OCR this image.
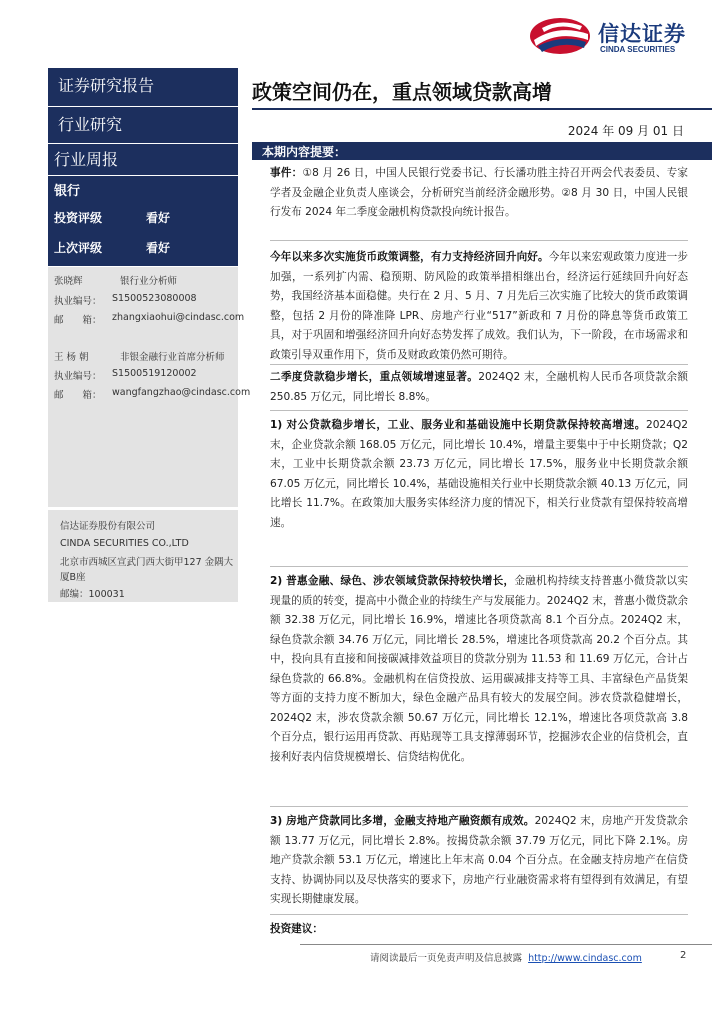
信达证券
CINDA SECURITIES
证券研究报告
行业研究
行业周报
银行
投资评级	看好
上次评级	看好
张晓辉	银行业分析师
执业编号： S1500523080008
邮　　箱： zhangxiaohui@cindasc.com
王 杨 朝	非银金融行业首席分析师
执业编号： S1500519120002
邮　　箱： wangfangzhao@cindasc.com
信达证券股份有限公司
CINDA SECURITIES CO.,LTD
北京市西城区宣武门西大街甲127 金隅大厦B座
邮编：100031
政策空间仍在，重点领域贷款高增
2024 年 09 月 01 日
本期内容提要：
事件：①8 月 26 日，中国人民银行党委书记、行长潘功胜主持召开两会代表委员、专家学者及金融企业负责人座谈会，分析研究当前经济金融形势。②8 月 30 日，中国人民银行发布 2024 年二季度金融机构贷款投向统计报告。
今年以来多次实施货币政策调整，有力支持经济回升向好。今年以来宏观政策力度进一步加强，一系列扩内需、稳预期、防风险的政策举措相继出台，经济运行延续回升向好态势，我国经济基本面稳健。央行在 2 月、5 月、7 月先后三次实施了比较大的货币政策调整，包括 2 月份的降准降 LPR、房地产行业“517”新政和 7 月份的降息等货币政策工具，对于巩固和增强经济回升向好态势发挥了成效。我们认为，下一阶段，在市场需求和政策引导双重作用下，货币及财政政策仍然可期待。
二季度贷款稳步增长，重点领域增速显著。2024Q2 末，全融机构人民币各项贷款余额 250.85 万亿元，同比增长 8.8%。
1) 对公贷款稳步增长，工业、服务业和基础设施中长期贷款保持较高增速。2024Q2 末，企业贷款余额 168.05 万亿元，同比增长 10.4%，增量主要集中于中长期贷款；Q2 末，工业中长期贷款余额 23.73 万亿元，同比增长 17.5%，服务业中长期贷款余额 67.05 万亿元，同比增长 10.4%，基础设施相关行业中长期贷款余额 40.13 万亿元，同比增长 11.7%。在政策加大服务实体经济力度的情况下，相关行业贷款有望保持较高增速。
2) 普惠金融、绿色、涉农领域贷款保持较快增长，金融机构持续支持普惠小微贷款以实现量的质的转变，提高中小微企业的持续生产与发展能力。2024Q2 末，普惠小微贷款余额 32.38 万亿元，同比增长 16.9%，增速比各项贷款高 8.1 个百分点。2024Q2 末，绿色贷款余额 34.76 万亿元，同比增长 28.5%，增速比各项贷款高 20.2 个百分点。其中，投向具有直接和间接碳减排效益项目的贷款分别为 11.53 和 11.69 万亿元，合计占绿色贷款的 66.8%。金融机构在信贷投放、运用碳减排支持等工具、丰富绿色产品货架等方面的支持力度不断加大，绿色金融产品具有较大的发展空间。涉农贷款稳健增长，2024Q2 末，涉农贷款余额 50.67 万亿元，同比增长 12.1%，增速比各项贷款高 3.8 个百分点，银行运用再贷款、再贴现等工具支撑薄弱环节，挖掘涉农企业的信贷机会，直接利好表内信贷规模增长、信贷结构优化。
3) 房地产贷款同比多增，金融支持地产融资颇有成效。2024Q2 末，房地产开发贷款余额 13.77 万亿元，同比增长 2.8%。按揭贷款余额 37.79 万亿元，同比下降 2.1%。房地产贷款余额 53.1 万亿元，增速比上年末高 0.04 个百分点。在金融支持房地产在信贷支持、协调协同以及尽快落实的要求下，房地产行业融资需求将有望得到有效满足，有望实现长期健康发展。
投资建议：
请阅读最后一页免责声明及信息披露 http://www.cindasc.com	2
